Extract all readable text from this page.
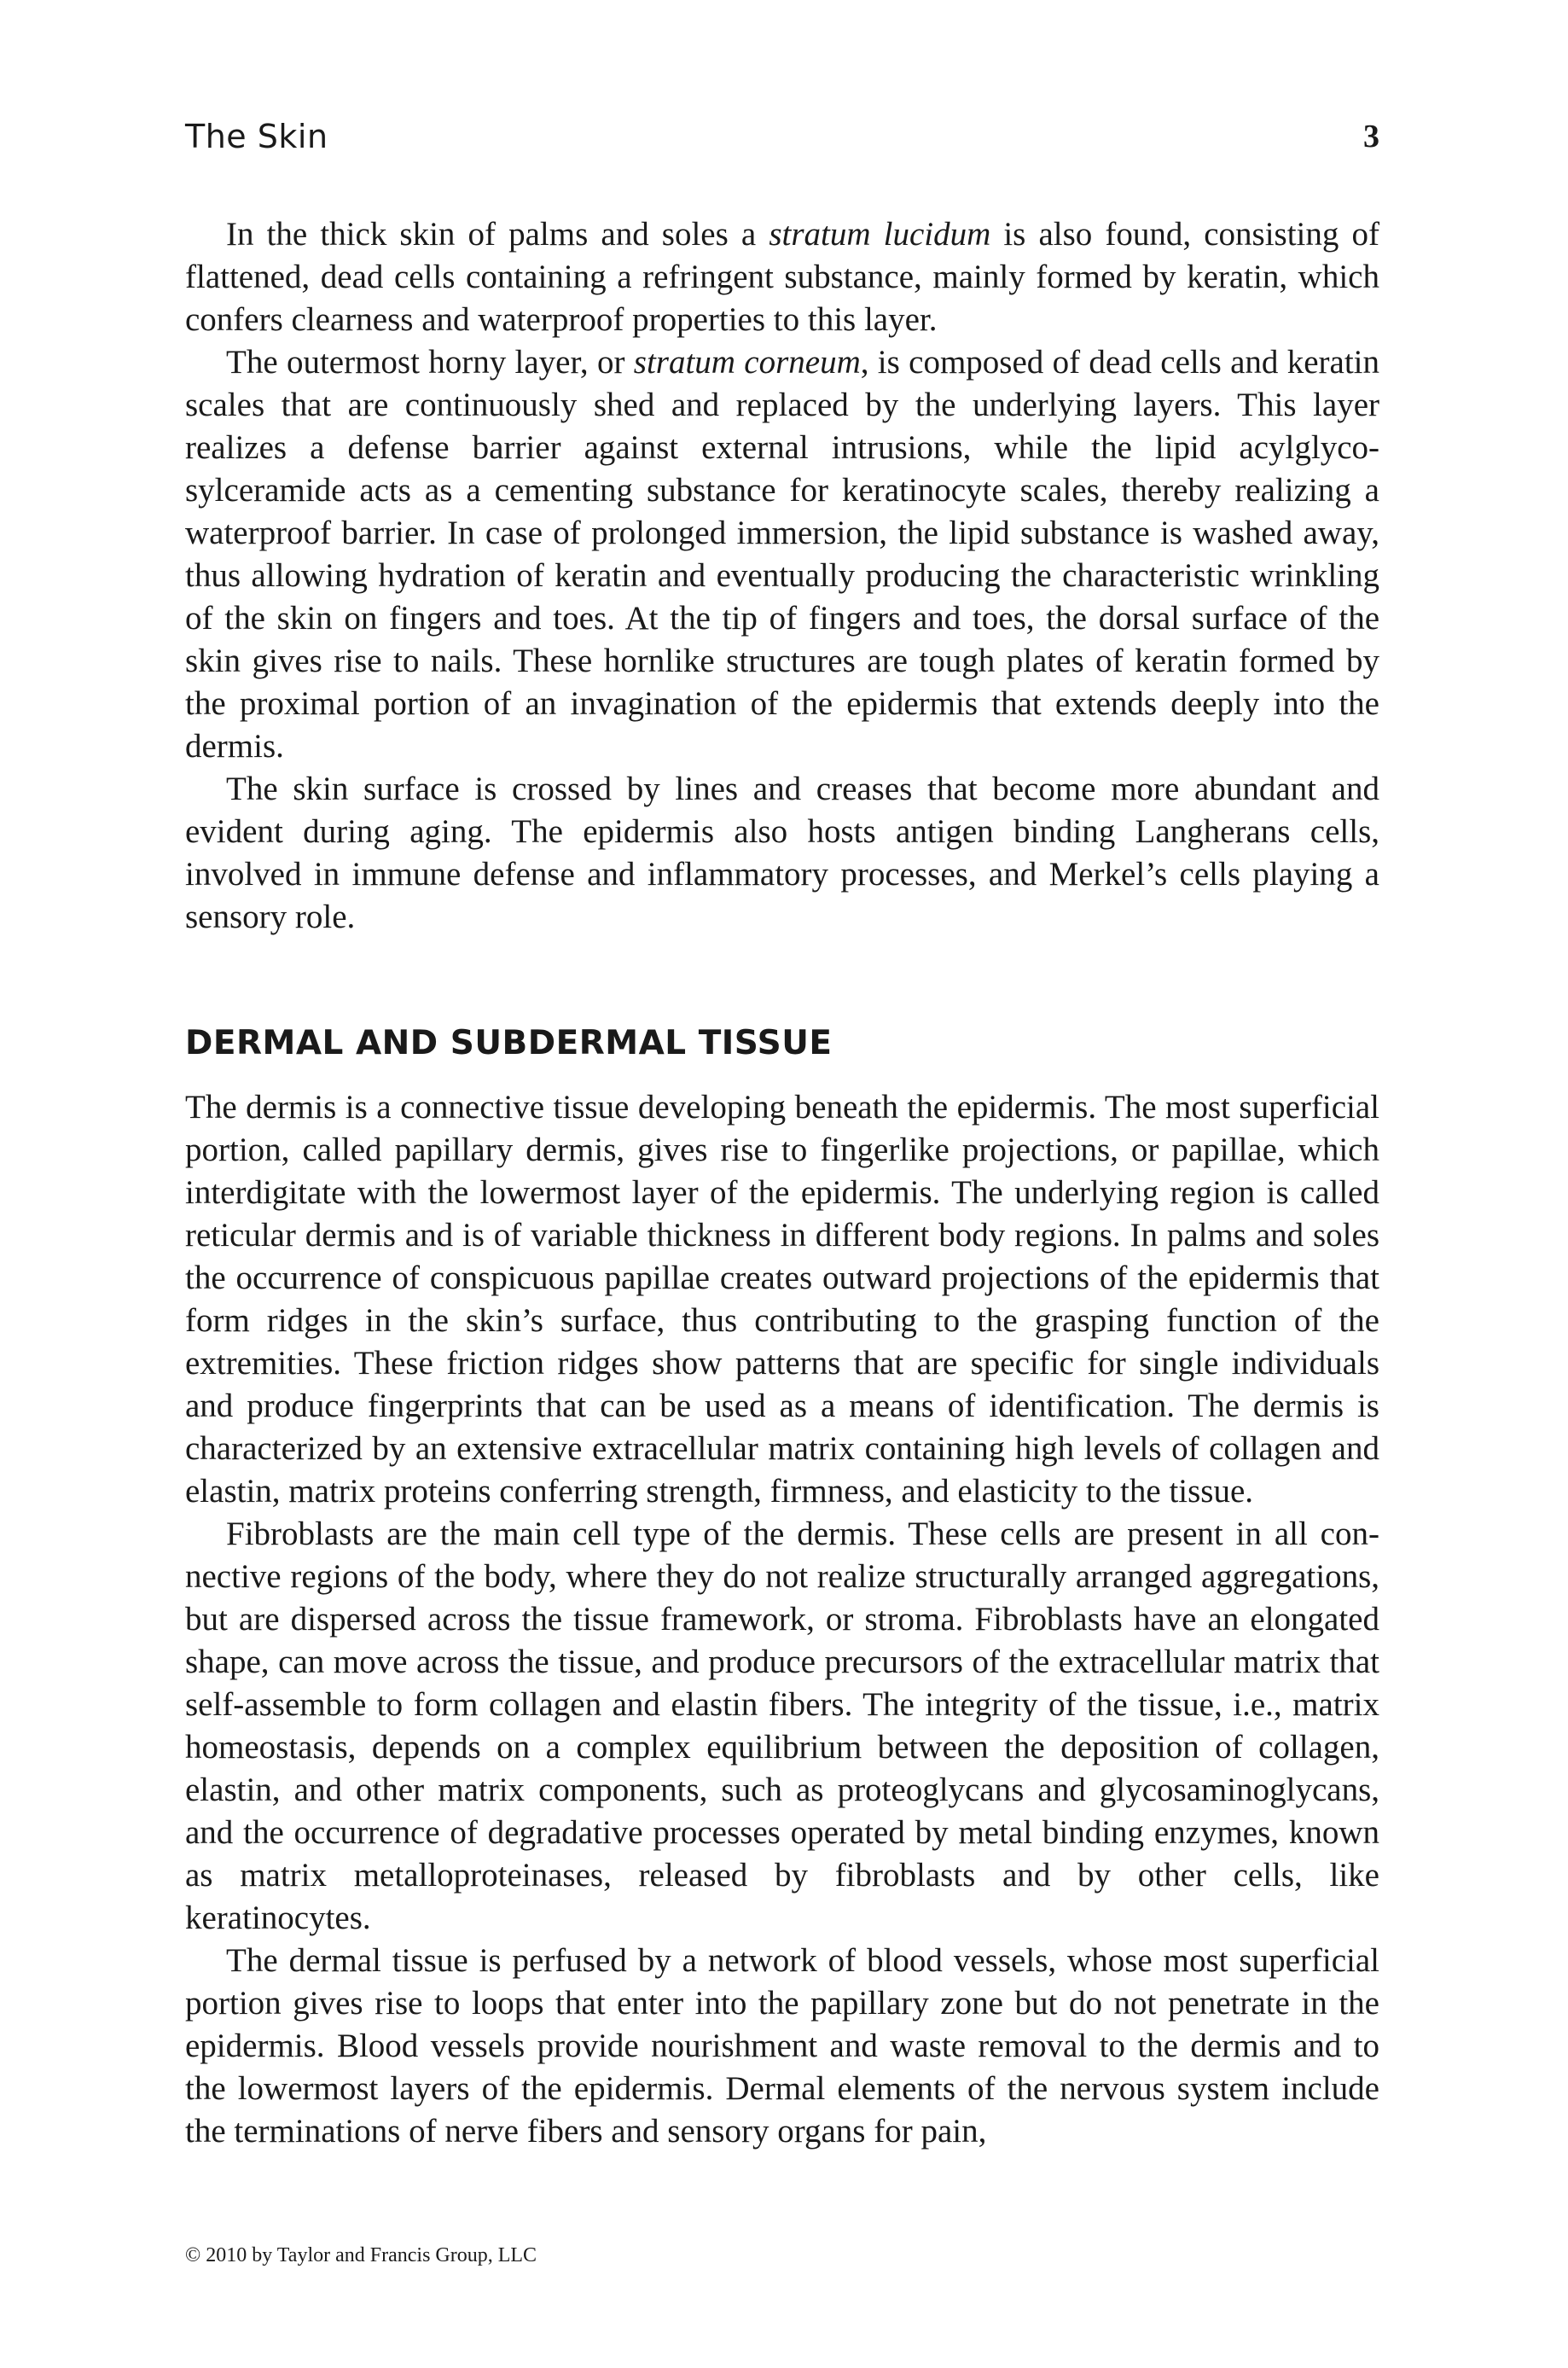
The Skin	3

In the thick skin of palms and soles a stratum lucidum is also found, consisting of flattened, dead cells containing a refringent substance, mainly formed by keratin, which confers clearness and waterproof properties to this layer.

The outermost horny layer, or stratum corneum, is composed of dead cells and keratin scales that are continuously shed and replaced by the underlying layers. This layer realizes a defense barrier against external intrusions, while the lipid acylglycosylceramide acts as a cementing substance for keratinocyte scales, thereby realizing a waterproof barrier. In case of prolonged immersion, the lipid substance is washed away, thus allowing hydration of keratin and eventually producing the characteristic wrinkling of the skin on fingers and toes. At the tip of fingers and toes, the dorsal surface of the skin gives rise to nails. These hornlike structures are tough plates of keratin formed by the proximal portion of an invagination of the epidermis that extends deeply into the dermis.

The skin surface is crossed by lines and creases that become more abundant and evident during aging. The epidermis also hosts antigen binding Langherans cells, involved in immune defense and inflammatory processes, and Merkel’s cells playing a sensory role.

DERMAL AND SUBDERMAL TISSUE

The dermis is a connective tissue developing beneath the epidermis. The most superficial portion, called papillary dermis, gives rise to fingerlike projections, or papillae, which interdigitate with the lowermost layer of the epidermis. The underlying region is called reticular dermis and is of variable thickness in different body regions. In palms and soles the occurrence of conspicuous papillae creates outward projections of the epidermis that form ridges in the skin’s surface, thus contributing to the grasping function of the extremities. These friction ridges show patterns that are specific for single individuals and produce fingerprints that can be used as a means of identification. The dermis is characterized by an extensive extracellular matrix containing high levels of collagen and elastin, matrix proteins conferring strength, firmness, and elasticity to the tissue.

Fibroblasts are the main cell type of the dermis. These cells are present in all connective regions of the body, where they do not realize structurally arranged aggregations, but are dispersed across the tissue framework, or stroma. Fibroblasts have an elongated shape, can move across the tissue, and produce precursors of the extracellular matrix that self-assemble to form collagen and elastin fibers. The integrity of the tissue, i.e., matrix homeostasis, depends on a complex equilibrium between the deposition of collagen, elastin, and other matrix components, such as proteoglycans and glycosaminoglycans, and the occurrence of degradative processes operated by metal binding enzymes, known as matrix metalloproteinases, released by fibroblasts and by other cells, like keratinocytes.

The dermal tissue is perfused by a network of blood vessels, whose most superficial portion gives rise to loops that enter into the papillary zone but do not penetrate in the epidermis. Blood vessels provide nourishment and waste removal to the dermis and to the lowermost layers of the epidermis. Dermal elements of the nervous system include the terminations of nerve fibers and sensory organs for pain,

© 2010 by Taylor and Francis Group, LLC
